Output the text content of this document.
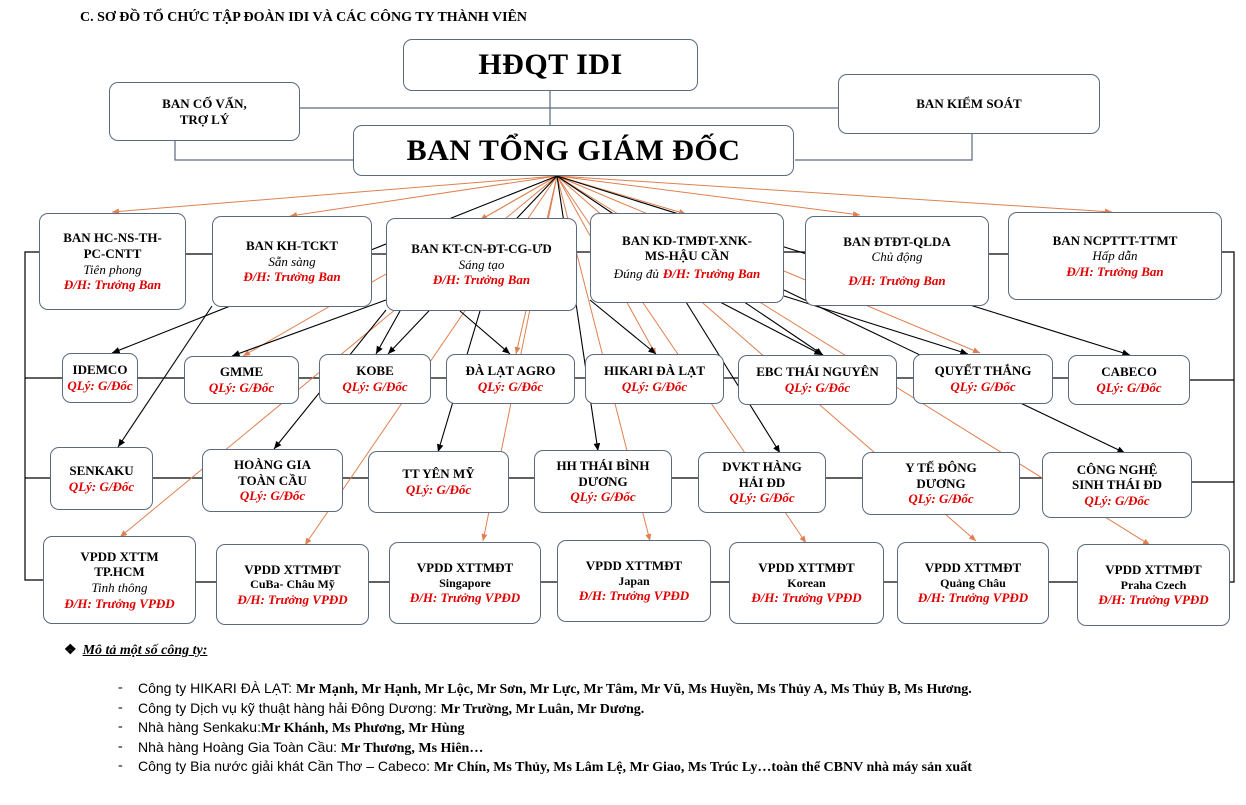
C. SƠ ĐỒ TỔ CHỨC TẬP ĐOÀN IDI VÀ CÁC CÔNG TY THÀNH VIÊN
HĐQT IDI
BAN CỐ VẤN,
TRỢ LÝ
BAN KIỂM SOÁT
BAN TỔNG GIÁM ĐỐC
BAN HC-NS-TH-
PC-CNTT
Tiên phong
Đ/H: Trưởng Ban
BAN KH-TCKT
Sẵn sàng
Đ/H: Trưởng Ban
BAN KT-CN-ĐT-CG-ƯD
Sáng tạo
Đ/H: Trưởng Ban
BAN KD-TMĐT-XNK-
MS-HẬU CẦN
Đúng đủ Đ/H: Trưởng Ban
BAN ĐTĐT-QLDA
Chủ động
Đ/H: Trưởng Ban
BAN NCPTTT-TTMT
Hấp dẫn
Đ/H: Trưởng Ban
IDEMCO
QLý: G/Đốc
GMME
QLý: G/Đốc
KOBE
QLý: G/Đốc
ĐÀ LẠT AGRO
QLý: G/Đốc
HIKARI ĐÀ LẠT
QLý: G/Đốc
EBC THÁI NGUYÊN
QLý: G/Đốc
QUYẾT THẮNG
QLý: G/Đốc
CABECO
QLý: G/Đốc
SENKAKU
QLý: G/Đốc
HOÀNG GIA
TOÀN CẦU
QLý: G/Đốc
TT YÊN MỸ
QLý: G/Đốc
HH THÁI BÌNH
DƯƠNG
QLý: G/Đốc
DVKT HÀNG
HẢI ĐD
QLý: G/Đốc
Y TẾ ĐÔNG
DƯƠNG
QLý: G/Đốc
CÔNG NGHỆ
SINH THÁI ĐD
QLý: G/Đốc
VPDD XTTM
TP.HCM
Tinh thông
Đ/H: Trưởng VPĐD
VPDD XTTMĐT
CuBa- Châu Mỹ
Đ/H: Trưởng VPĐD
VPDD XTTMĐT
Singapore
Đ/H: Trưởng VPĐD
VPDD XTTMĐT
Japan
Đ/H: Trưởng VPĐD
VPDD XTTMĐT
Korean
Đ/H: Trưởng VPĐD
VPDD XTTMĐT
Quảng Châu
Đ/H: Trưởng VPĐD
VPDD XTTMĐT
Praha Czech
Đ/H: Trưởng VPĐD
❖ Mô tả một số công ty:
- Công ty HIKARI ĐÀ LẠT: Mr Mạnh, Mr Hạnh, Mr Lộc, Mr Sơn, Mr Lực, Mr Tâm, Mr Vũ, Ms Huyền, Ms Thủy A, Ms Thủy B, Ms Hương.
- Công ty Dịch vụ kỹ thuật hàng hải Đông Dương: Mr Trường, Mr Luân, Mr Dương.
- Nhà hàng Senkaku:Mr Khánh, Ms Phương, Mr Hùng
- Nhà hàng Hoàng Gia Toàn Cầu: Mr Thương, Ms Hiên…
- Công ty Bia nước giải khát Cần Thơ – Cabeco: Mr Chín, Ms Thủy, Ms Lâm Lệ, Mr Giao, Ms Trúc Ly…toàn thể CBNV nhà máy sản xuất
